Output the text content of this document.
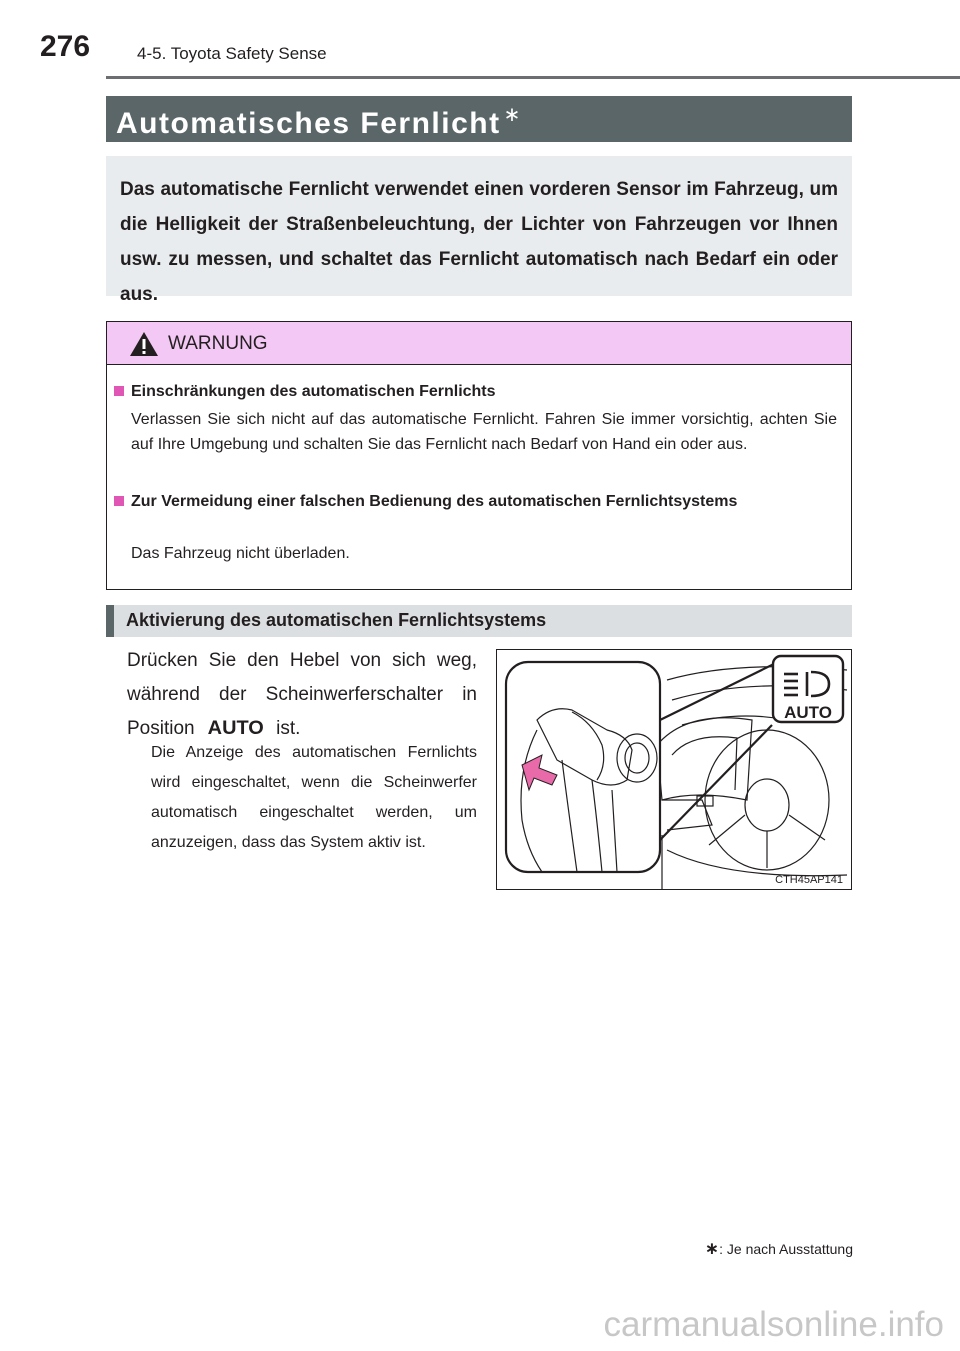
276	4-5. Toyota Safety Sense
Automatisches Fernlicht ∗
Das automatische Fernlicht verwendet einen vorderen Sensor im Fahrzeug, um die Helligkeit der Straßenbeleuchtung, der Lichter von Fahrzeugen vor Ihnen usw. zu messen, und schaltet das Fernlicht automatisch nach Bedarf ein oder aus.
WARNUNG
Einschränkungen des automatischen Fernlichts
Verlassen Sie sich nicht auf das automatische Fernlicht. Fahren Sie immer vorsichtig, achten Sie auf Ihre Umgebung und schalten Sie das Fernlicht nach Bedarf von Hand ein oder aus.
Zur Vermeidung einer falschen Bedienung des automatischen Fernlichtsystems
Das Fahrzeug nicht überladen.
Aktivierung des automatischen Fernlichtsystems
Drücken Sie den Hebel von sich weg, während der Scheinwerferschalter in Position AUTO ist.
Die Anzeige des automatischen Fernlichts wird eingeschaltet, wenn die Scheinwerfer automatisch eingeschaltet werden, um anzuzeigen, dass das System aktiv ist.
AUTO
CTH45AP141
∗: Je nach Ausstattung
carmanualsonline.info
